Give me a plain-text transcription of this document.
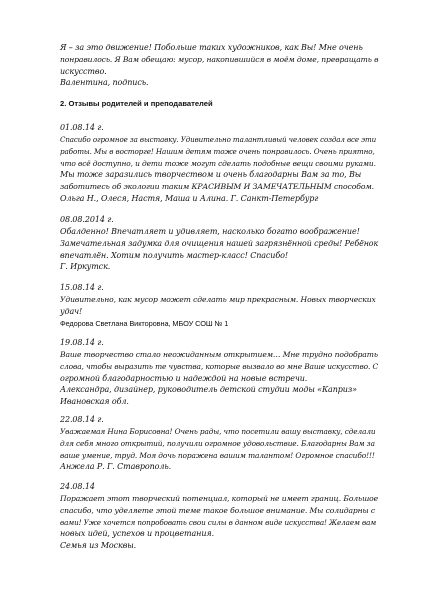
Я – за это движение! Побольше таких художников, как Вы! Мне очень
понравилось. Я Вам обещаю: мусор, накопившийся в моём доме, превращать в
искусство.
Валентина, подпись.
2. Отзывы родителей и преподавателей
01.08.14 г.
Спасибо огромное за выставку. Удивительно талантливый человек создал все эти
работы. Мы в восторге! Нашим детям тоже очень понравилось. Очень приятно,
что всё доступно, и дети тоже могут сделать подобные вещи своими руками.
Мы тоже заразились творчеством и очень благодарны Вам за то, Вы
заботитесь об экологии таким КРАСИВЫМ И ЗАМЕЧАТЕЛЬНЫМ способом.
Ольга Н., Олеся, Настя, Маша и Алина. Г. Санкт-Петербург
08.08.2014 г.
Обалденно! Впечатляет и удивляет, насколько богато воображение!
Замечательная задумка для очищения нашей загрязнённой среды! Ребёнок
впечатлён. Хотим получить мастер-класс! Спасибо!
Г. Иркутск.
15.08.14 г.
Удивительно, как мусор может сделать мир прекрасным. Новых творческих
удач!
Федорова Светлана Викторовна, МБОУ СОШ № 1
19.08.14 г.
Ваше творчество стало неожиданным открытием… Мне трудно подобрать
слова, чтобы выразить те чувства, которые вызвало во мне Ваше искусство. С
огромной благодарностью и надеждой на новые встречи.
Александра, дизайнер, руководитель детской студии моды «Каприз»
Ивановская обл.
22.08.14 г.
Уважаемая Нина Борисовна! Очень рады, что посетили вашу выставку, сделали
для себя много открытий, получили огромное удовольствие. Благодарны Вам за
ваше умение, труд. Моя дочь поражена вашим талантом! Огромное спасибо!!!
Анжела Р. Г. Ставрополь.
24.08.14
Поражает этот творческий потенциал, который не имеет границ. Большое
спасибо, что уделяете этой теме такое большое внимание. Мы солидарны с
вами! Уже хочется попробовать свои силы в данном виде искусства! Желаем вам
новых идей, успехов и процветания.
Семья из Москвы.
